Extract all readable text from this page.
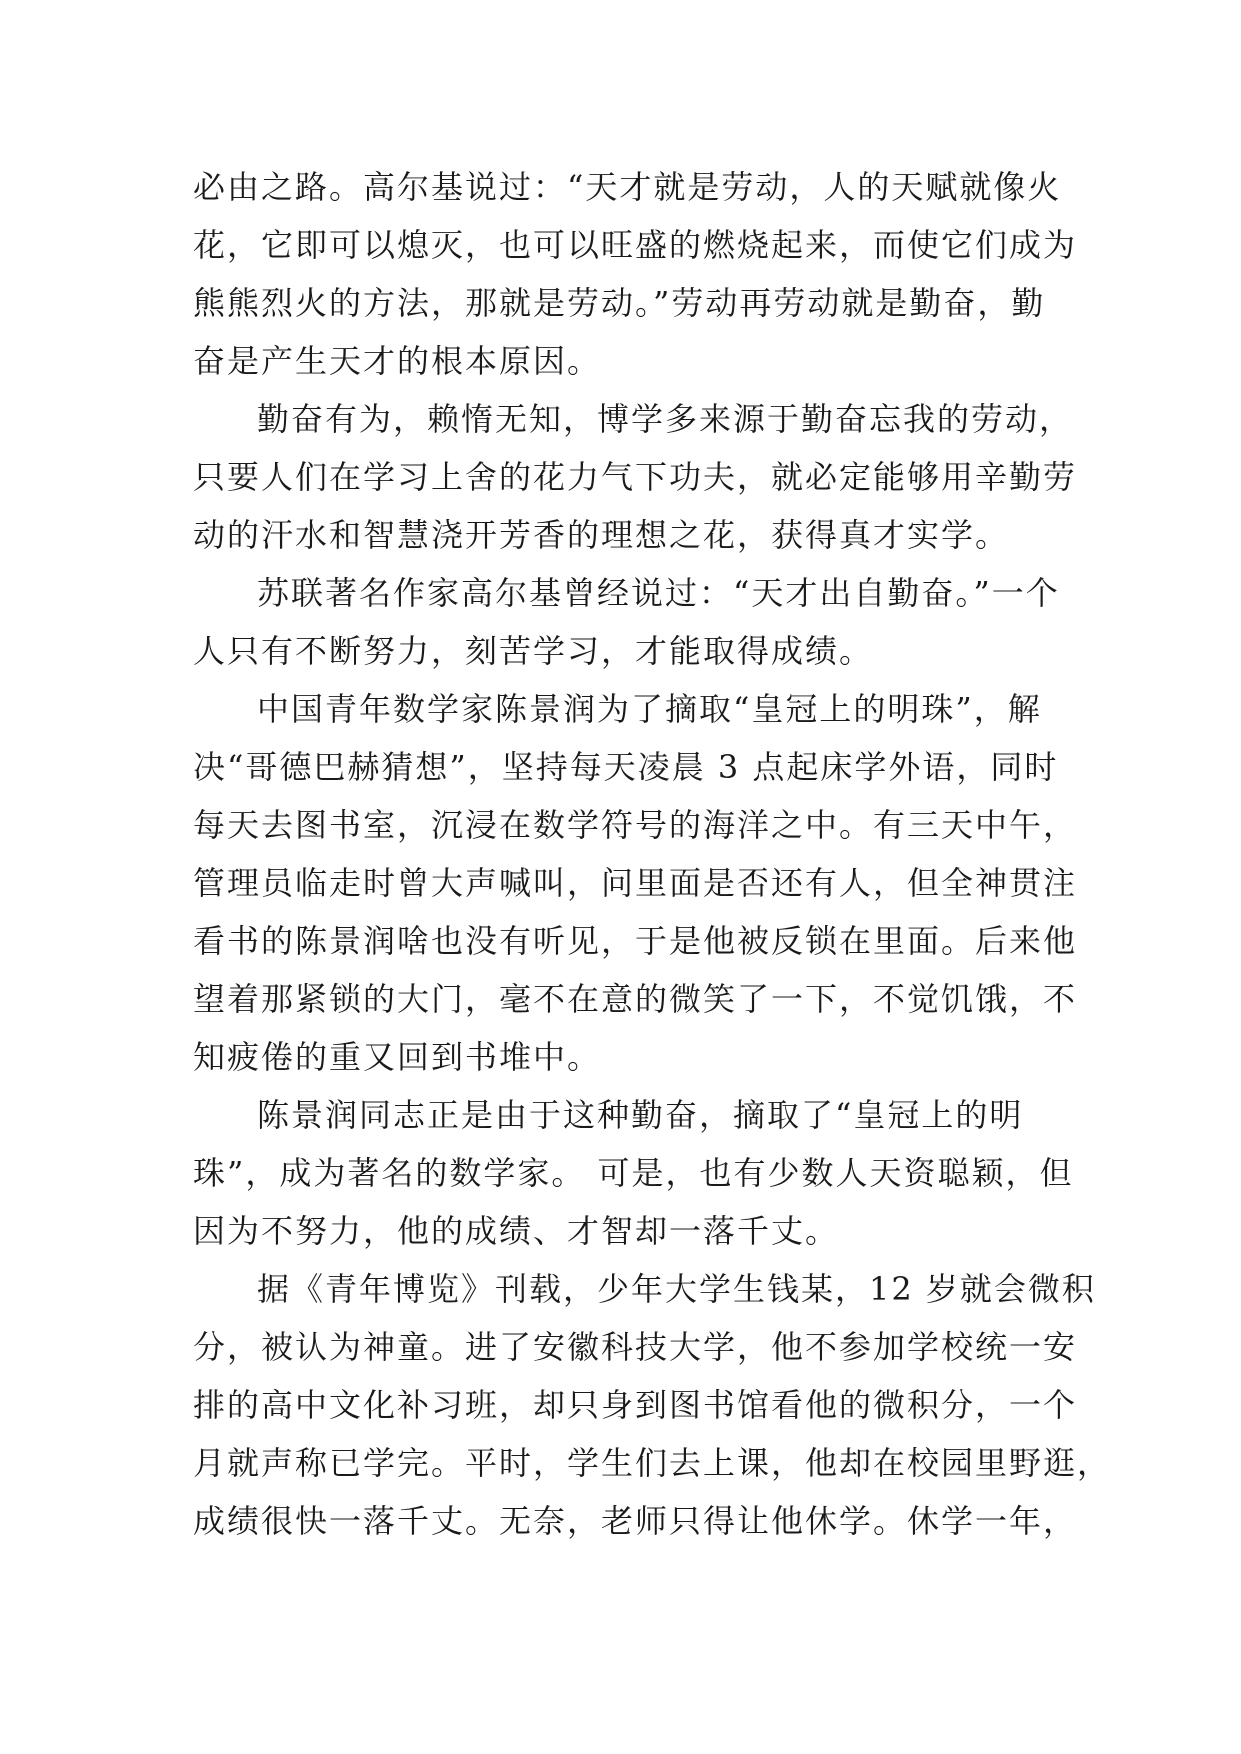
必由之路。高尔基说过：“天才就是劳动，人的天赋就像火
花，它即可以熄灭，也可以旺盛的燃烧起来，而使它们成为
熊熊烈火的方法，那就是劳动。”劳动再劳动就是勤奋，勤
奋是产生天才的根本原因。
勤奋有为，赖惰无知，博学多来源于勤奋忘我的劳动，
只要人们在学习上舍的花力气下功夫，就必定能够用辛勤劳
动的汗水和智慧浇开芳香的理想之花，获得真才实学。
苏联著名作家高尔基曾经说过：“天才出自勤奋。”一个
人只有不断努力，刻苦学习，才能取得成绩。
中国青年数学家陈景润为了摘取“皇冠上的明珠”，解
决“哥德巴赫猜想”，坚持每天凌晨 3 点起床学外语，同时
每天去图书室，沉浸在数学符号的海洋之中。有三天中午，
管理员临走时曾大声喊叫，问里面是否还有人，但全神贯注
看书的陈景润啥也没有听见，于是他被反锁在里面。后来他
望着那紧锁的大门，毫不在意的微笑了一下，不觉饥饿，不
知疲倦的重又回到书堆中。
陈景润同志正是由于这种勤奋，摘取了“皇冠上的明
珠”，成为著名的数学家。 可是，也有少数人天资聪颖，但
因为不努力，他的成绩、才智却一落千丈。
据《青年博览》刊载，少年大学生钱某，12 岁就会微积
分，被认为神童。进了安徽科技大学，他不参加学校统一安
排的高中文化补习班，却只身到图书馆看他的微积分，一个
月就声称已学完。平时，学生们去上课，他却在校园里野逛，
成绩很快一落千丈。无奈，老师只得让他休学。休学一年，
